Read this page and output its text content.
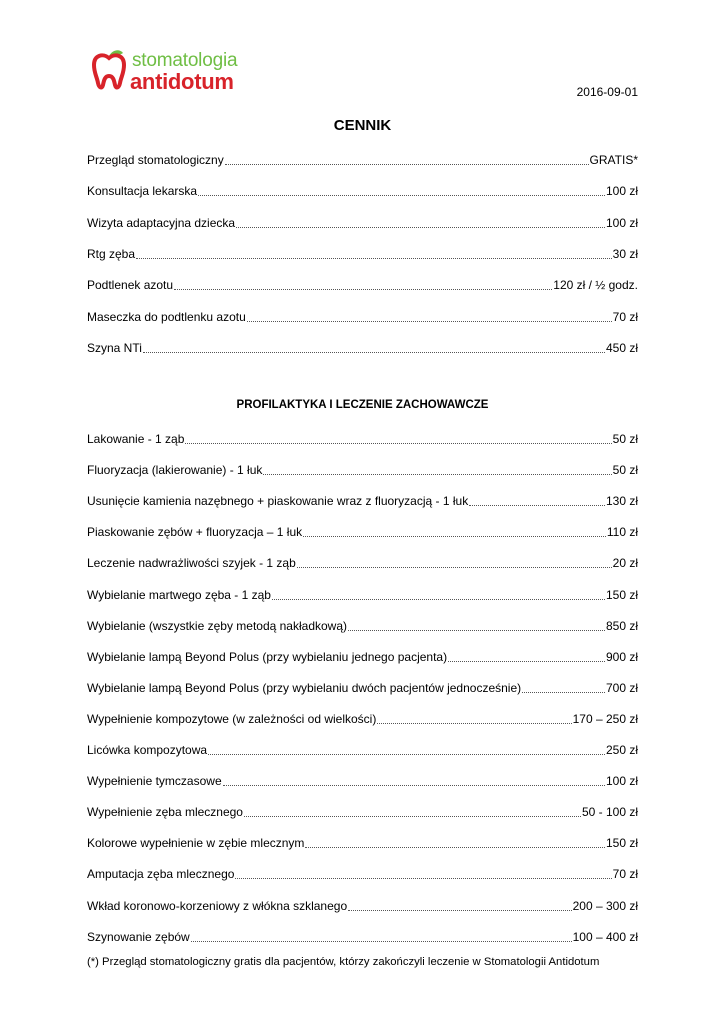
stomatologia
antidotum	2016-09-01
CENNIK
Przegląd stomatologiczny	GRATIS*
Konsultacja lekarska	100 zł
Wizyta adaptacyjna dziecka	100 zł
Rtg zęba	30 zł
Podtlenek azotu	120 zł / ½ godz.
Maseczka do podtlenku azotu	70 zł
Szyna NTi	450 zł
PROFILAKTYKA I LECZENIE ZACHOWAWCZE
Lakowanie - 1 ząb	50 zł
Fluoryzacja (lakierowanie) - 1 łuk	50 zł
Usunięcie kamienia nazębnego + piaskowanie wraz z fluoryzacją - 1 łuk	130 zł
Piaskowanie zębów + fluoryzacja – 1 łuk	110 zł
Leczenie nadwrażliwości szyjek - 1 ząb	20 zł
Wybielanie martwego zęba - 1 ząb	150 zł
Wybielanie (wszystkie zęby metodą nakładkową)	850 zł
Wybielanie lampą Beyond Polus (przy wybielaniu jednego pacjenta)	900 zł
Wybielanie lampą Beyond Polus (przy wybielaniu dwóch pacjentów jednocześnie)	700 zł
Wypełnienie kompozytowe (w zależności od wielkości)	170 – 250 zł
Licówka kompozytowa	250 zł
Wypełnienie tymczasowe	100 zł
Wypełnienie zęba mlecznego	50 - 100 zł
Kolorowe wypełnienie w zębie mlecznym	150 zł
Amputacja zęba mlecznego	70 zł
Wkład koronowo-korzeniowy z włókna szklanego	200 – 300 zł
Szynowanie zębów	100 – 400 zł
(*) Przegląd stomatologiczny gratis dla pacjentów, którzy zakończyli leczenie w Stomatologii Antidotum
